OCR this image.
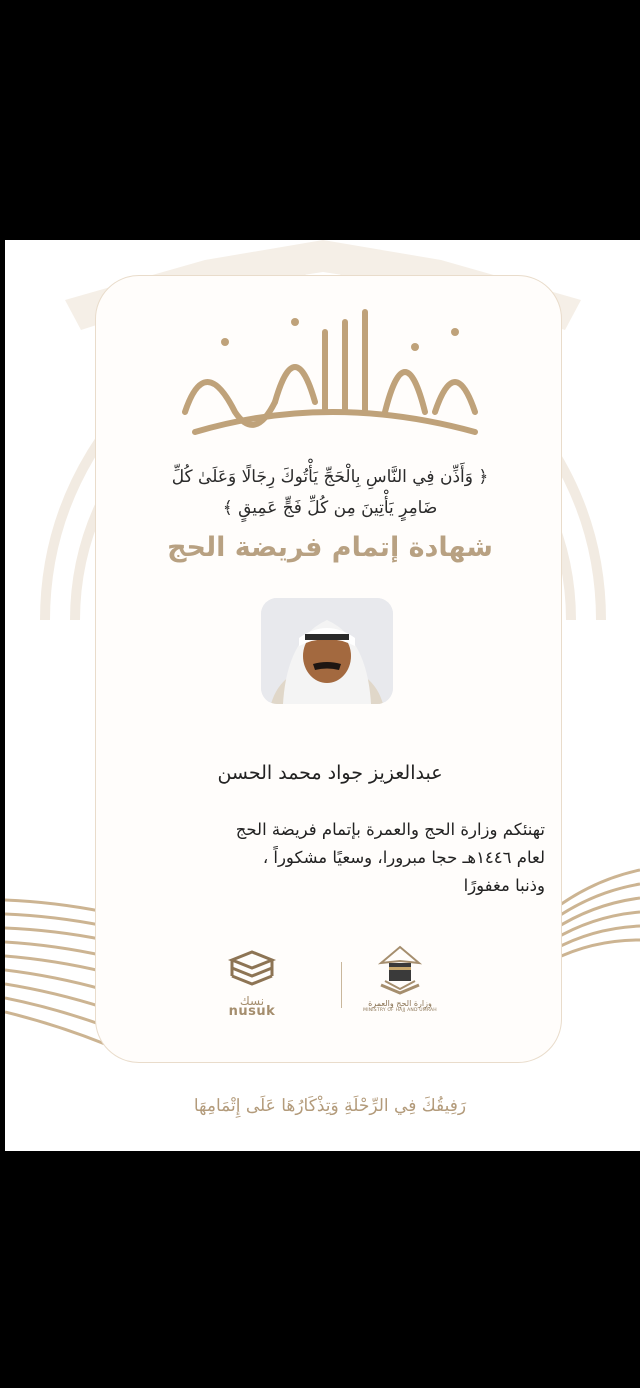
﴿ وَأَذِّن فِي النَّاسِ بِالْحَجِّ يَأْتُوكَ رِجَالًا وَعَلَىٰ كُلِّ
ضَامِرٍ يَأْتِينَ مِن كُلِّ فَجٍّ عَمِيقٍ ﴾
شهادة إتمام فريضة الحج
عبدالعزيز جواد محمد الحسن
تهنئكم وزارة الحج والعمرة بإتمام فريضة الحج
لعام ١٤٤٦هـ حجا مبرورا، وسعيًا مشكوراً ،
وذنبا مغفورًا
نسك
nusuk
وزارة الحج والعمرة
MINISTRY OF HAJJ AND UMRAH
رَفِيقُكَ فِي الرِّحْلَةِ وَتِذْكَارُهَا عَلَى إِتْمَامِهَا
